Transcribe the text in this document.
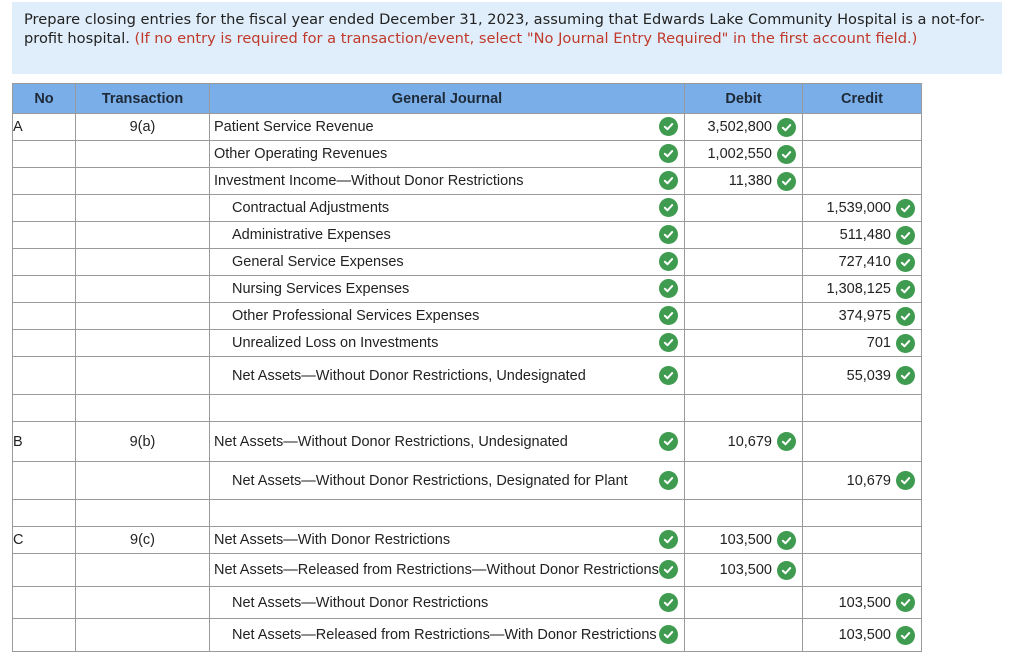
Prepare closing entries for the fiscal year ended December 31, 2023, assuming that Edwards Lake Community Hospital is a not-for-profit hospital. (If no entry is required for a transaction/event, select "No Journal Entry Required" in the first account field.)
No	Transaction	General Journal	Debit	Credit
A	9(a)	Patient Service Revenue	3,502,800	

		Other Operating Revenues	1,002,550	

		Investment Income—Without Donor Restrictions	11,380	

		Contractual Adjustments		1,539,000

		Administrative Expenses		511,480

		General Service Expenses		727,410

		Nursing Services Expenses		1,308,125

		Other Professional Services Expenses		374,975

		Unrealized Loss on Investments		701

		Net Assets—Without Donor Restrictions, Undesignated		55,039

B	9(b)	Net Assets—Without Donor Restrictions, Undesignated	10,679	

		Net Assets—Without Donor Restrictions, Designated for Plant		10,679

C	9(c)	Net Assets—With Donor Restrictions	103,500	

		Net Assets—Released from Restrictions—Without Donor Restrictions	103,500	

		Net Assets—Without Donor Restrictions		103,500

		Net Assets—Released from Restrictions—With Donor Restrictions		103,500
